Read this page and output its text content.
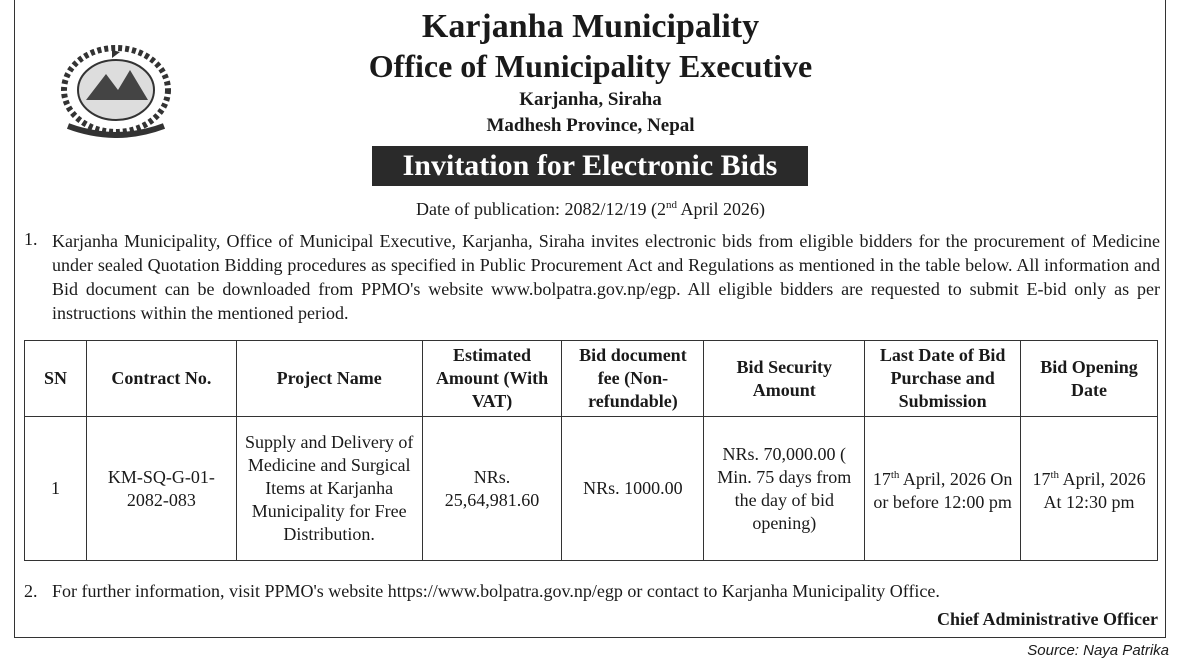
Karjanha Municipality
Office of Municipality Executive
Karjanha, Siraha
Madhesh Province, Nepal
Invitation for Electronic Bids
Date of publication: 2082/12/19 (2nd April 2026)
1. Karjanha Municipality, Office of Municipal Executive, Karjanha, Siraha invites electronic bids from eligible bidders for the procurement of Medicine under sealed Quotation Bidding procedures as specified in Public Procurement Act and Regulations as mentioned in the table below. All information and Bid document can be downloaded from PPMO's website www.bolpatra.gov.np/egp. All eligible bidders are requested to submit E-bid only as per instructions within the mentioned period.
SN	Contract No.	Project Name	Estimated Amount (With VAT)	Bid document fee (Non-refundable)	Bid Security Amount	Last Date of Bid Purchase and Submission	Bid Opening Date
1	KM-SQ-G-01-2082-083	Supply and Delivery of Medicine and Surgical Items at Karjanha Municipality for Free Distribution.	NRs. 25,64,981.60	NRs. 1000.00	NRs. 70,000.00 ( Min. 75 days from the day of bid opening)	17th April, 2026 On or before 12:00 pm	17th April, 2026 At 12:30 pm
2. For further information, visit PPMO's website https://www.bolpatra.gov.np/egp or contact to Karjanha Municipality Office.
Chief Administrative Officer
Source: Naya Patrika
